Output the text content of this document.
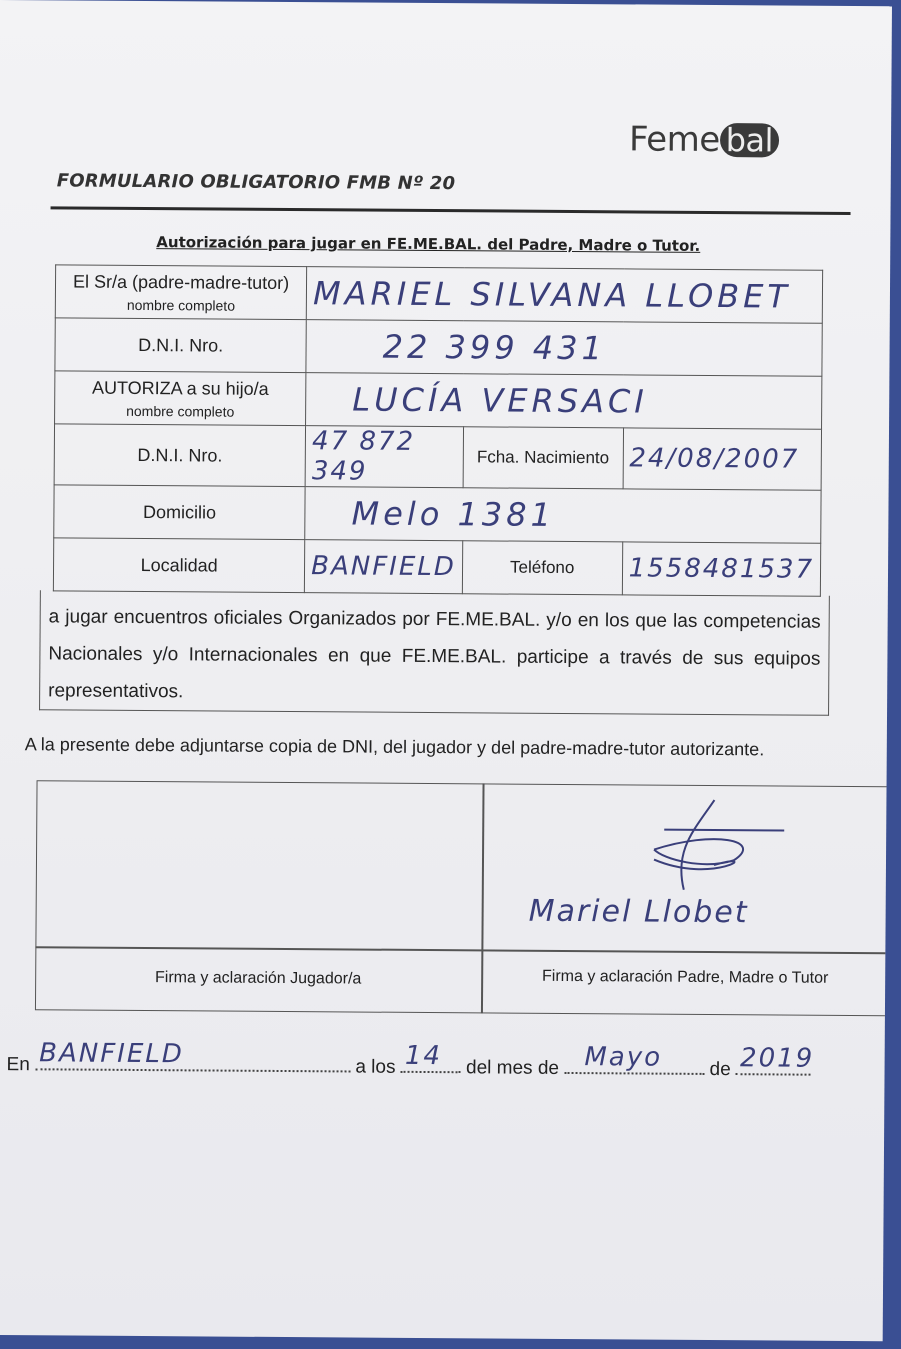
Feme bal
FORMULARIO OBLIGATORIO FMB Nº 20
Autorización para jugar en FE.ME.BAL. del Padre, Madre o Tutor.
El Sr/a (padre-madre-tutor)
nombre completo	MARIEL SILVANA LLOBET		
D.N.I. Nro.	22 399 431		
AUTORIZA a su hijo/a
nombre completo	LUCÍA VERSACI		
D.N.I. Nro.	47 872 349	Fcha. Nacimiento	24/08/2007
Domicilio	Melo 1381		
Localidad	BANFIELD	Teléfono	1558481537
a jugar encuentros oficiales Organizados por FE.ME.BAL. y/o en los que las competencias Nacionales y/o Internacionales en que FE.ME.BAL. participe a través de sus equipos representativos.
A la presente debe adjuntarse copia de DNI, del jugador y del padre-madre-tutor autorizante.
Mariel Llobet
Firma y aclaración Jugador/a	Firma y aclaración Padre, Madre o Tutor
En BANFIELD	a los 14 del mes de Mayo de 2019
